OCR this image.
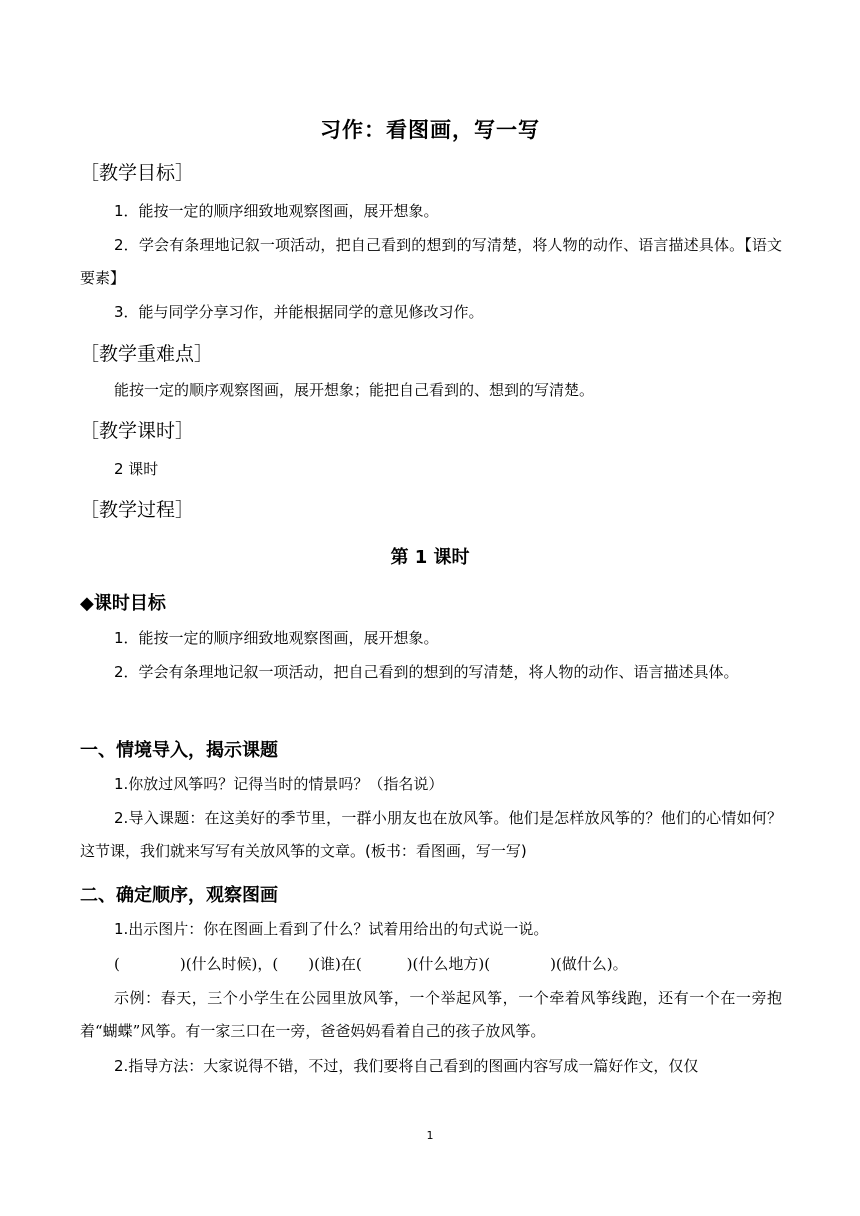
习作：看图画，写一写
［教学目标］

1．能按一定的顺序细致地观察图画，展开想象。

2．学会有条理地记叙一项活动，把自己看到的想到的写清楚，将人物的动作、语言描述具体。【语文要素】

3．能与同学分享习作，并能根据同学的意见修改习作。

［教学重难点］

能按一定的顺序观察图画，展开想象；能把自己看到的、想到的写清楚。

［教学课时］

2 课时

［教学过程］
第 1 课时
◆课时目标

1．能按一定的顺序细致地观察图画，展开想象。

2．学会有条理地记叙一项活动，把自己看到的想到的写清楚，将人物的动作、语言描述具体。

一、情境导入，揭示课题

1.你放过风筝吗？记得当时的情景吗？（指名说）

2.导入课题：在这美好的季节里，一群小朋友也在放风筝。他们是怎样放风筝的？他们的心情如何？这节课，我们就来写写有关放风筝的文章。(板书：看图画，写一写)

二、确定顺序，观察图画

1.出示图片：你在图画上看到了什么？试着用给出的句式说一说。

(　　　　)(什么时候)，(　　)(谁)在(　　　)(什么地方)(　　　　)(做什么)。

示例：春天，三个小学生在公园里放风筝，一个举起风筝，一个牵着风筝线跑，还有一个在一旁抱着“蝴蝶”风筝。有一家三口在一旁，爸爸妈妈看着自己的孩子放风筝。

2.指导方法：大家说得不错，不过，我们要将自己看到的图画内容写成一篇好作文，仅仅

1
